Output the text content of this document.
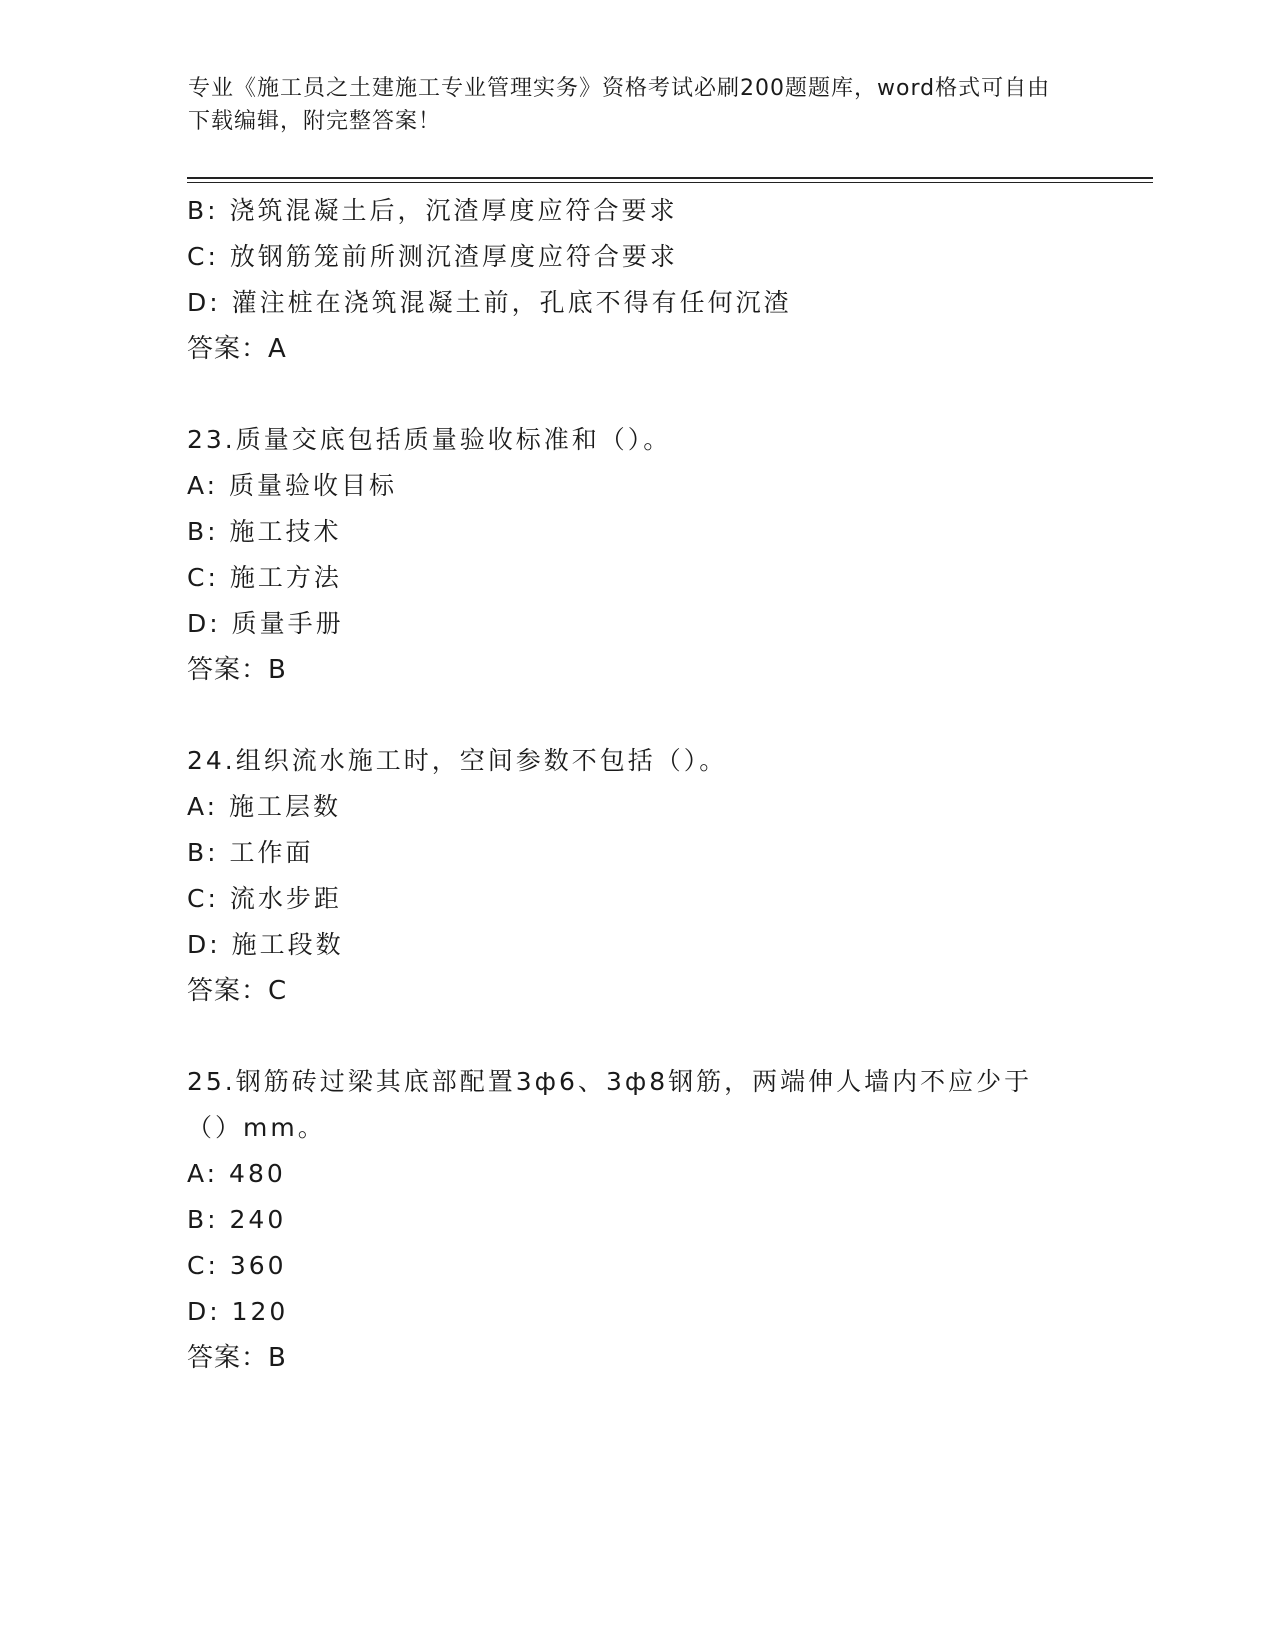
专业《施工员之土建施工专业管理实务》资格考试必刷200题题库，word格式可自由下载编辑，附完整答案！
B: 浇筑混凝土后，沉渣厚度应符合要求
C: 放钢筋笼前所测沉渣厚度应符合要求
D: 灌注桩在浇筑混凝土前，孔底不得有任何沉渣
答案：A
23.质量交底包括质量验收标准和（）。
A: 质量验收目标
B: 施工技术
C: 施工方法
D: 质量手册
答案：B
24.组织流水施工时，空间参数不包括（）。
A: 施工层数
B: 工作面
C: 流水步距
D: 施工段数
答案：C
25.钢筋砖过梁其底部配置3ф6、3ф8钢筋，两端伸人墙内不应少于（）mm。
A: 480
B: 240
C: 360
D: 120
答案：B
